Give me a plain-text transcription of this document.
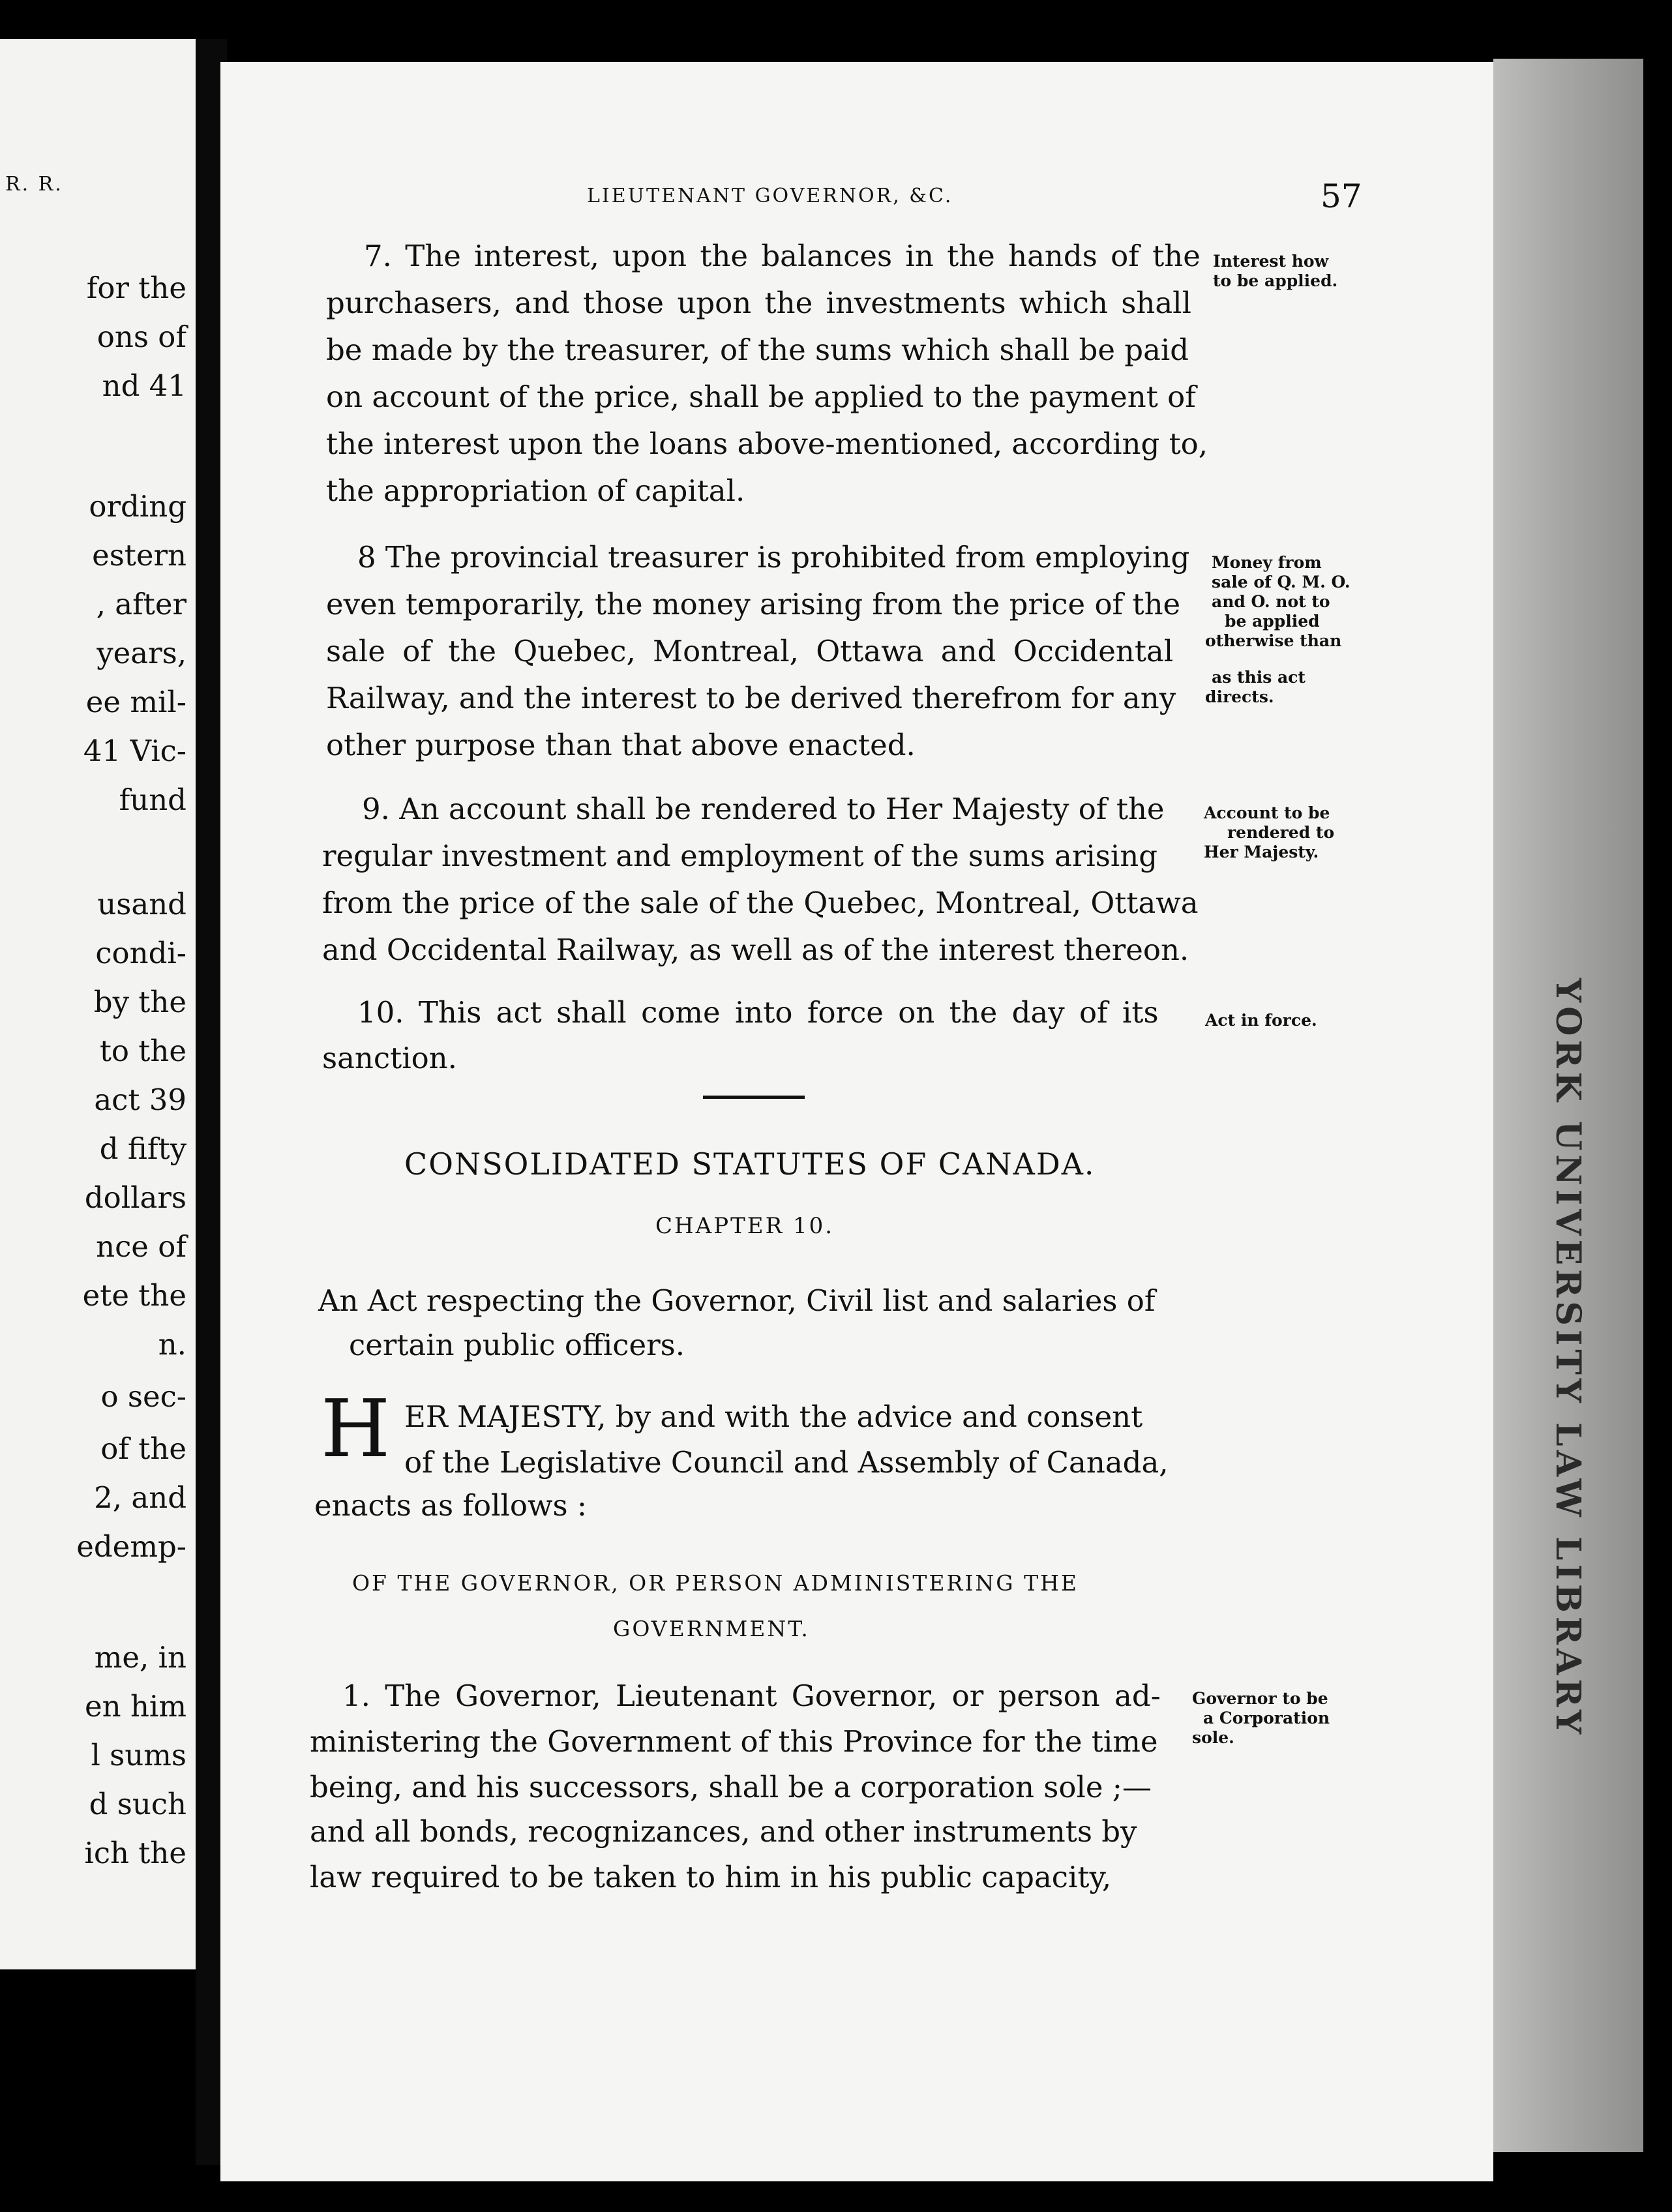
R. R.
for the
ons of
nd 41
ording
estern
, after
years,
ee mil-
41 Vic-
fund
usand
condi-
by the
to the
act 39
d fifty
dollars
nce of
ete the
n.
o sec-
of the
2, and
edemp-
me, in
en him
l sums
d such
ich the
YORK UNIVERSITY LAW LIBRARY
LIEUTENANT GOVERNOR, &C.	57
7. The interest, upon the balances in the hands of the
purchasers, and those upon the investments which shall
be made by the treasurer, of the sums which shall be paid
on account of the price, shall be applied to the payment of
the interest upon the loans above-mentioned, according to,
the appropriation of capital.
Interest how
to be applied.
8 The provincial treasurer is prohibited from employing
even temporarily, the money arising from the price of the
sale of the Quebec, Montreal, Ottawa and Occidental
Railway, and the interest to be derived therefrom for any
other purpose than that above enacted.
Money from
sale of Q. M. O.
and O. not to
be applied
otherwise than
as this act
directs.
9. An account shall be rendered to Her Majesty of the
regular investment and employment of the sums arising
from the price of the sale of the Quebec, Montreal, Ottawa
and Occidental Railway, as well as of the interest thereon.
Account to be
rendered to
Her Majesty.
10. This act shall come into force on the day of its
sanction.
Act in force.
CONSOLIDATED STATUTES OF CANADA.
CHAPTER 10.
An Act respecting the Governor, Civil list and salaries of
certain public officers.
H ER MAJESTY, by and with the advice and consent
of the Legislative Council and Assembly of Canada,
enacts as follows :
OF THE GOVERNOR, OR PERSON ADMINISTERING THE
GOVERNMENT.
1. The Governor, Lieutenant Governor, or person ad-
ministering the Government of this Province for the time
being, and his successors, shall be a corporation sole ;—
and all bonds, recognizances, and other instruments by
law required to be taken to him in his public capacity,
Governor to be
a Corporation
sole.
